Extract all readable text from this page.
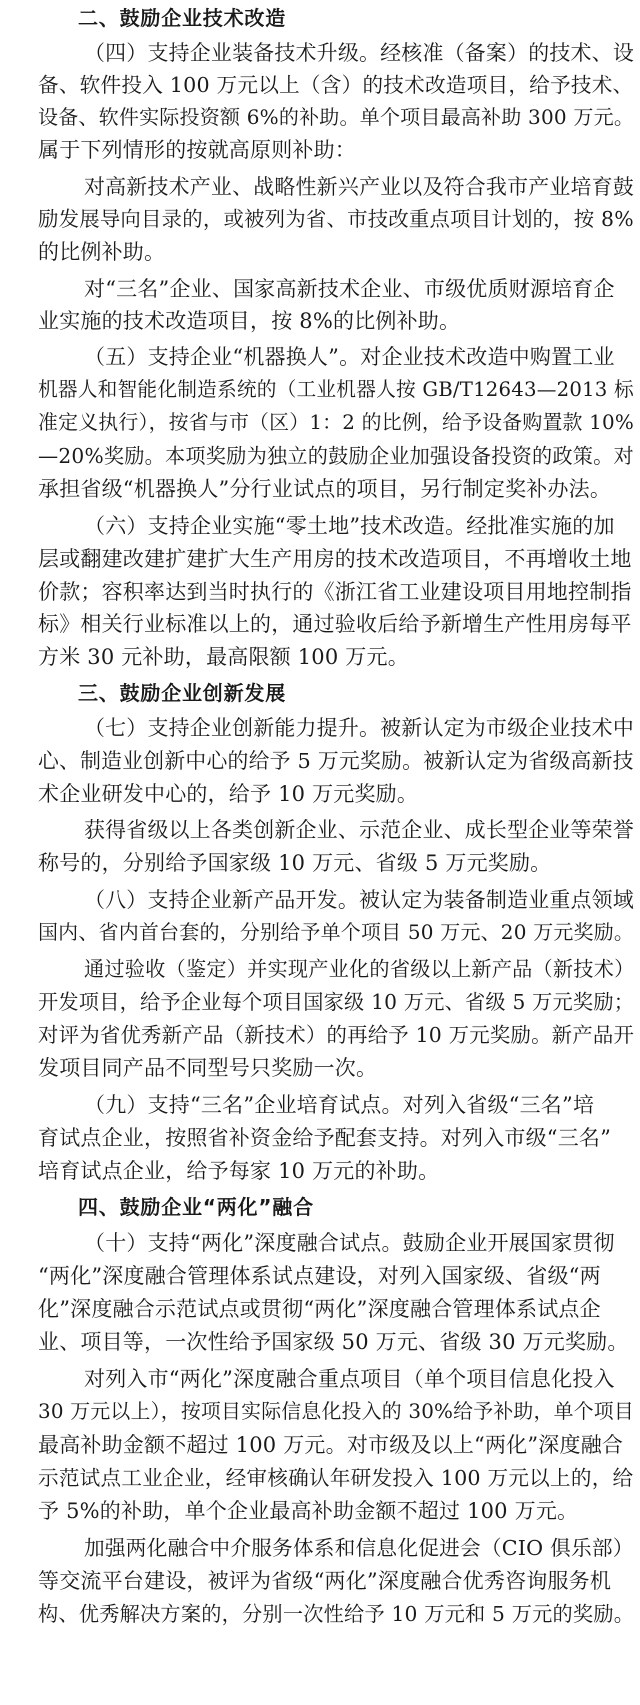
二、鼓励企业技术改造
（四）支持企业装备技术升级。经核准（备案）的技术、设
备、软件投入 100 万元以上（含）的技术改造项目，给予技术、
设备、软件实际投资额 6%的补助。单个项目最高补助 300 万元。
属于下列情形的按就高原则补助：
对高新技术产业、战略性新兴产业以及符合我市产业培育鼓
励发展导向目录的，或被列为省、市技改重点项目计划的，按 8%
的比例补助。
对“三名”企业、国家高新技术企业、市级优质财源培育企
业实施的技术改造项目，按 8%的比例补助。
（五）支持企业“机器换人”。对企业技术改造中购置工业
机器人和智能化制造系统的（工业机器人按 GB/T12643—2013 标
准定义执行），按省与市（区）1：2 的比例，给予设备购置款 10%
—20%奖励。本项奖励为独立的鼓励企业加强设备投资的政策。对
承担省级“机器换人”分行业试点的项目，另行制定奖补办法。
（六）支持企业实施“零土地”技术改造。经批准实施的加
层或翻建改建扩建扩大生产用房的技术改造项目，不再增收土地
价款；容积率达到当时执行的《浙江省工业建设项目用地控制指
标》相关行业标准以上的，通过验收后给予新增生产性用房每平
方米 30 元补助，最高限额 100 万元。
三、鼓励企业创新发展
（七）支持企业创新能力提升。被新认定为市级企业技术中
心、制造业创新中心的给予 5 万元奖励。被新认定为省级高新技
术企业研发中心的，给予 10 万元奖励。
获得省级以上各类创新企业、示范企业、成长型企业等荣誉
称号的，分别给予国家级 10 万元、省级 5 万元奖励。
（八）支持企业新产品开发。被认定为装备制造业重点领域
国内、省内首台套的，分别给予单个项目 50 万元、20 万元奖励。
通过验收（鉴定）并实现产业化的省级以上新产品（新技术）
开发项目，给予企业每个项目国家级 10 万元、省级 5 万元奖励；
对评为省优秀新产品（新技术）的再给予 10 万元奖励。新产品开
发项目同产品不同型号只奖励一次。
（九）支持“三名”企业培育试点。对列入省级“三名”培
育试点企业，按照省补资金给予配套支持。对列入市级“三名”
培育试点企业，给予每家 10 万元的补助。
四、鼓励企业“两化”融合
（十）支持“两化”深度融合试点。鼓励企业开展国家贯彻
“两化”深度融合管理体系试点建设，对列入国家级、省级“两
化”深度融合示范试点或贯彻“两化”深度融合管理体系试点企
业、项目等，一次性给予国家级 50 万元、省级 30 万元奖励。
对列入市“两化”深度融合重点项目（单个项目信息化投入
30 万元以上），按项目实际信息化投入的 30%给予补助，单个项目
最高补助金额不超过 100 万元。对市级及以上“两化”深度融合
示范试点工业企业，经审核确认年研发投入 100 万元以上的，给
予 5%的补助，单个企业最高补助金额不超过 100 万元。
加强两化融合中介服务体系和信息化促进会（CIO 俱乐部）
等交流平台建设，被评为省级“两化”深度融合优秀咨询服务机
构、优秀解决方案的，分别一次性给予 10 万元和 5 万元的奖励。
